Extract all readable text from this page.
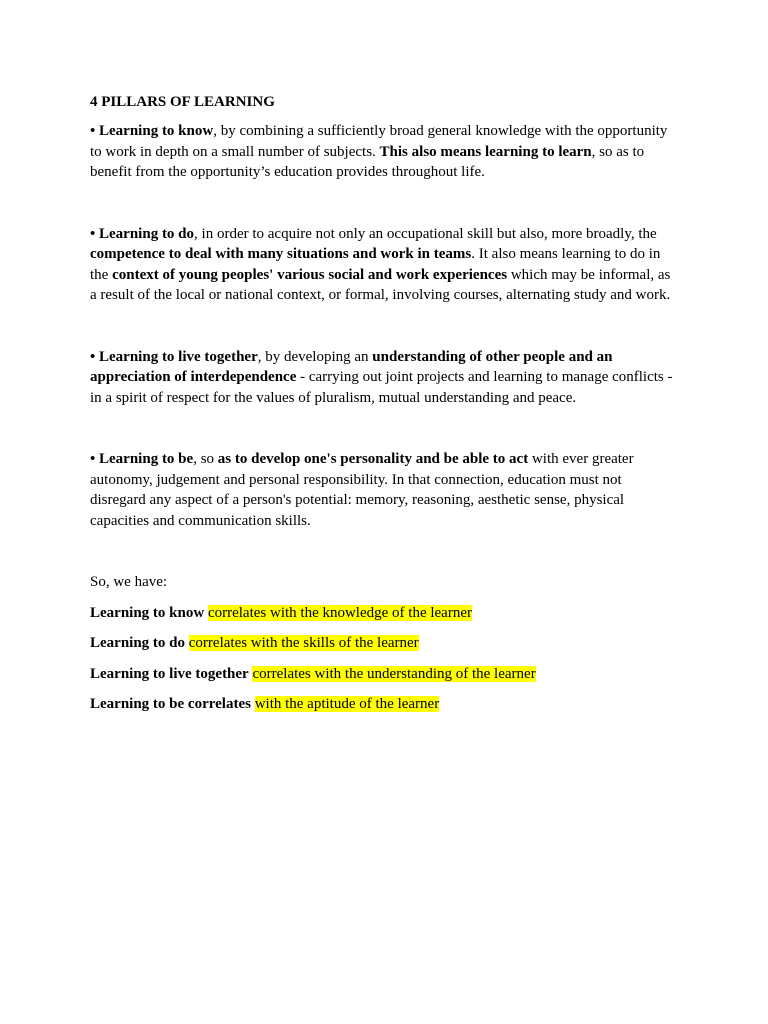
4 PILLARS OF LEARNING

• Learning to know, by combining a sufficiently broad general knowledge with the opportunity to work in depth on a small number of subjects. This also means learning to learn, so as to benefit from the opportunity’s education provides throughout life.

• Learning to do, in order to acquire not only an occupational skill but also, more broadly, the competence to deal with many situations and work in teams. It also means learning to do in the context of young peoples' various social and work experiences which may be informal, as a result of the local or national context, or formal, involving courses, alternating study and work.

• Learning to live together, by developing an understanding of other people and an appreciation of interdependence - carrying out joint projects and learning to manage conflicts - in a spirit of respect for the values of pluralism, mutual understanding and peace.

• Learning to be, so as to develop one's personality and be able to act with ever greater autonomy, judgement and personal responsibility. In that connection, education must not disregard any aspect of a person's potential: memory, reasoning, aesthetic sense, physical capacities and communication skills.

So, we have:

Learning to know correlates with the knowledge of the learner

Learning to do correlates with the skills of the learner

Learning to live together correlates with the understanding of the learner

Learning to be correlates with the aptitude of the learner
